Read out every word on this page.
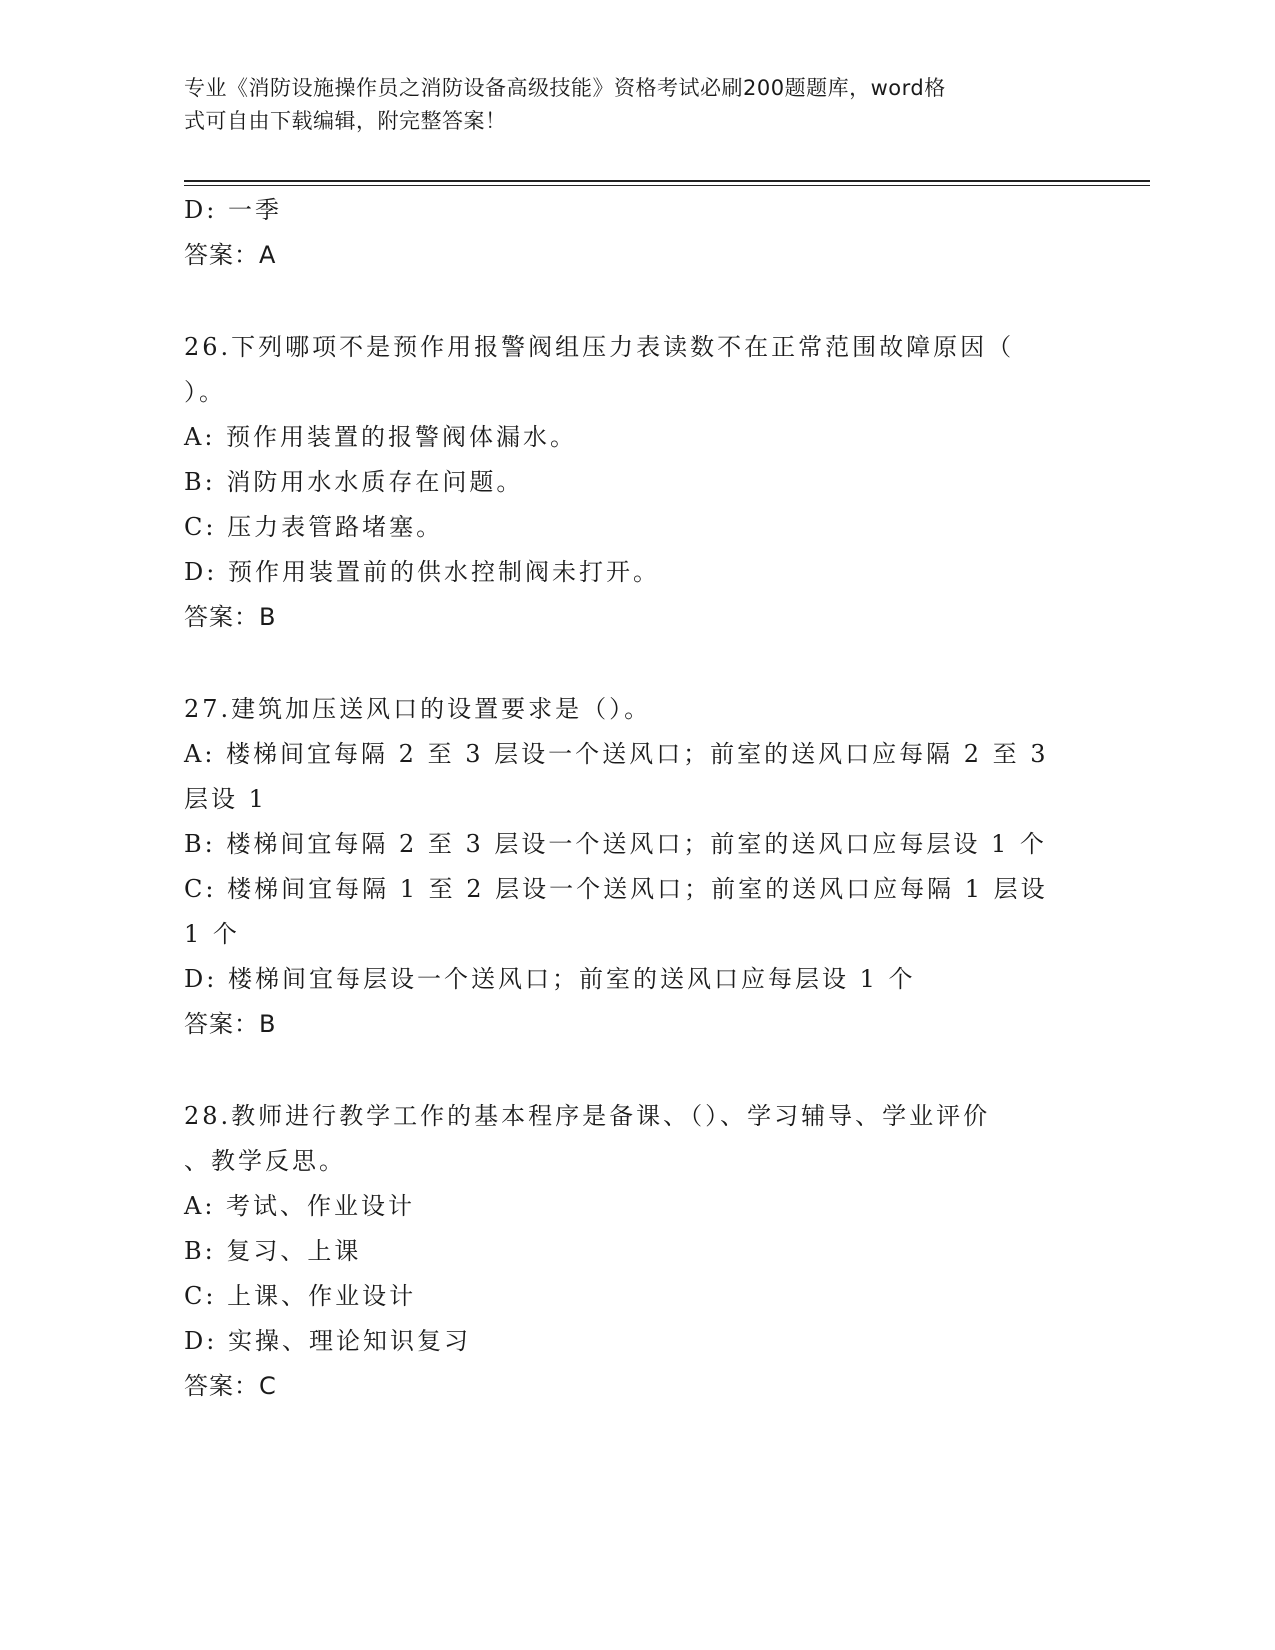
专业《消防设施操作员之消防设备高级技能》资格考试必刷200题题库，word格
式可自由下载编辑，附完整答案！
D: 一季
答案：A
26.下列哪项不是预作用报警阀组压力表读数不在正常范围故障原因（
）。
A: 预作用装置的报警阀体漏水。
B: 消防用水水质存在问题。
C: 压力表管路堵塞。
D: 预作用装置前的供水控制阀未打开。
答案：B
27.建筑加压送风口的设置要求是（）。
A: 楼梯间宜每隔 2 至 3 层设一个送风口；前室的送风口应每隔 2 至 3
层设 1
B: 楼梯间宜每隔 2 至 3 层设一个送风口；前室的送风口应每层设 1 个
C: 楼梯间宜每隔 1 至 2 层设一个送风口；前室的送风口应每隔 1 层设
1 个
D: 楼梯间宜每层设一个送风口；前室的送风口应每层设 1 个
答案：B
28.教师进行教学工作的基本程序是备课、（）、学习辅导、学业评价
、教学反思。
A: 考试、作业设计
B: 复习、上课
C: 上课、作业设计
D: 实操、理论知识复习
答案：C
